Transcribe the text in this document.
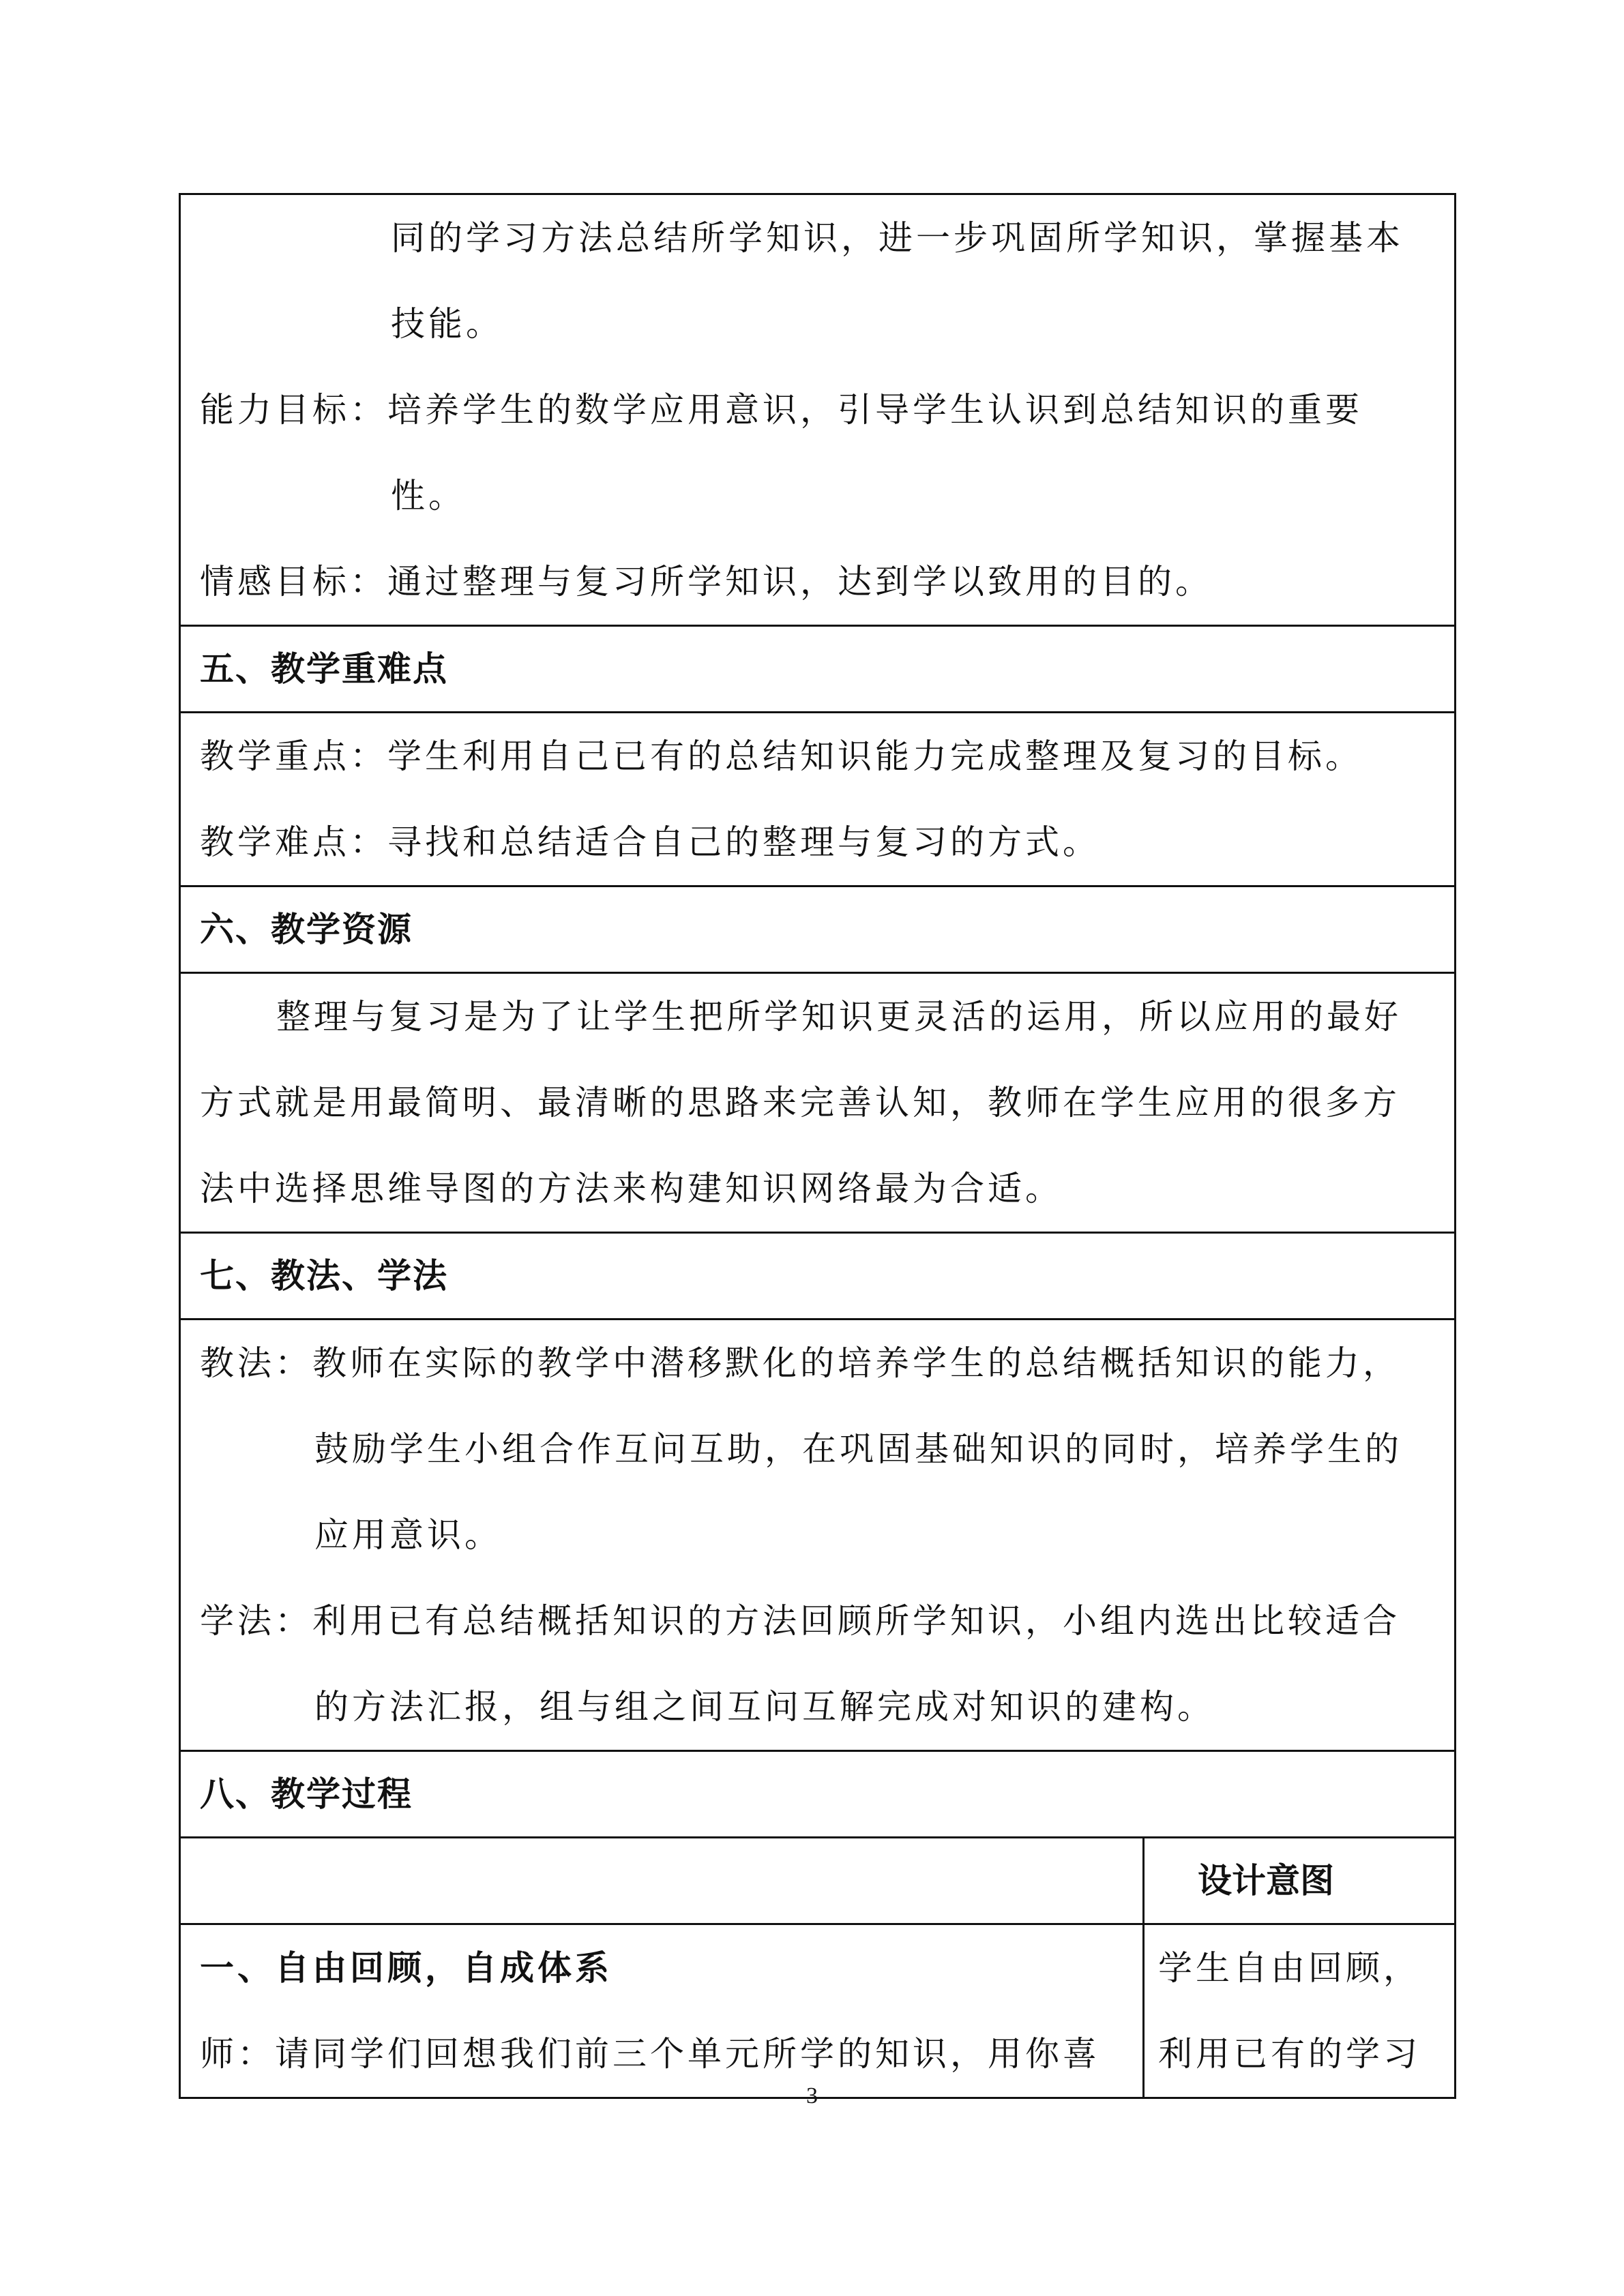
同的学习方法总结所学知识，进一步巩固所学知识，掌握基本
技能。
能力目标：培养学生的数学应用意识，引导学生认识到总结知识的重要
性。
情感目标：通过整理与复习所学知识，达到学以致用的目的。
五、教学重难点
教学重点：学生利用自己已有的总结知识能力完成整理及复习的目标。
教学难点：寻找和总结适合自己的整理与复习的方式。
六、教学资源
整理与复习是为了让学生把所学知识更灵活的运用，所以应用的最好
方式就是用最简明、最清晰的思路来完善认知，教师在学生应用的很多方
法中选择思维导图的方法来构建知识网络最为合适。
七、教法、学法
教法：教师在实际的教学中潜移默化的培养学生的总结概括知识的能力，
鼓励学生小组合作互问互助，在巩固基础知识的同时，培养学生的
应用意识。
学法：利用已有总结概括知识的方法回顾所学知识，小组内选出比较适合
的方法汇报，组与组之间互问互解完成对知识的建构。
八、教学过程
设计意图
一、自由回顾，自成体系
师：请同学们回想我们前三个单元所学的知识，用你喜
学生自由回顾，
利用已有的学习
3
